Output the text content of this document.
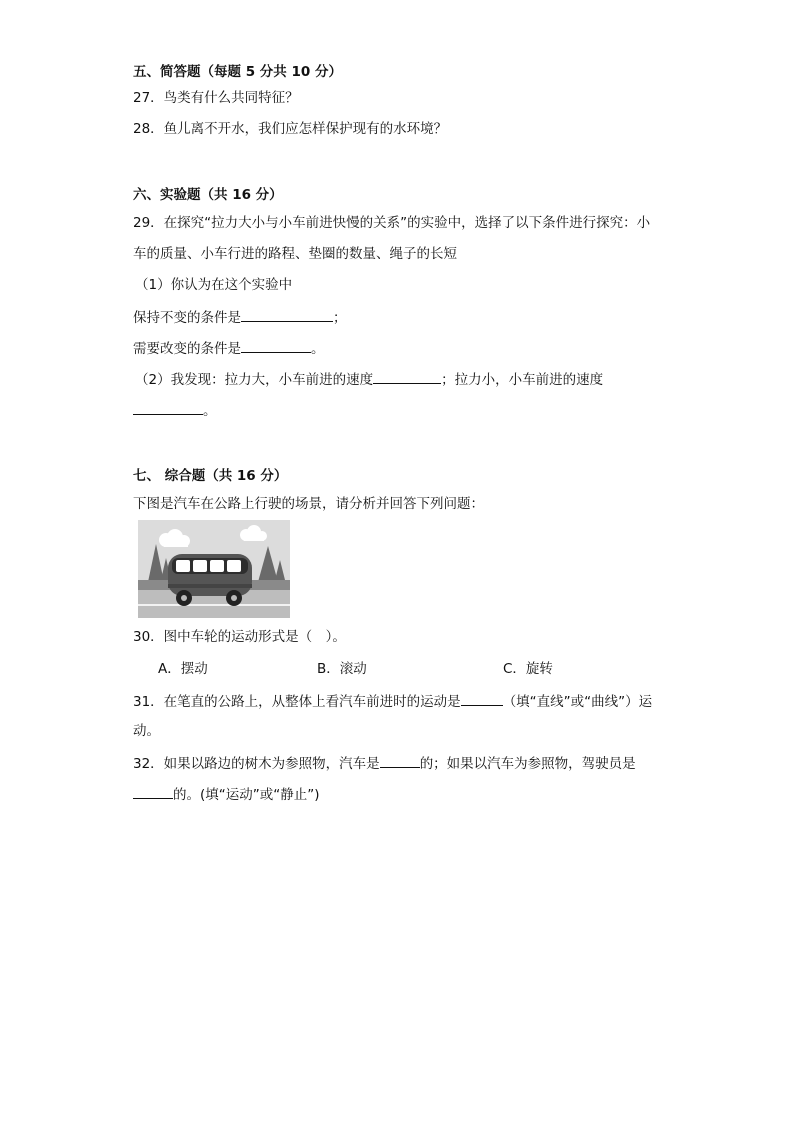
五、简答题（每题 5 分共 10 分）
27．鸟类有什么共同特征？
28．鱼儿离不开水，我们应怎样保护现有的水环境？
六、实验题（共 16 分）
29．在探究“拉力大小与小车前进快慢的关系”的实验中，选择了以下条件进行探究：小
车的质量、小车行进的路程、垫圈的数量、绳子的长短
（1）你认为在这个实验中
保持不变的条件是	；
需要改变的条件是	。
（2）我发现：拉力大，小车前进的速度	；拉力小，小车前进的速度
。
七、 综合题（共 16 分）
下图是汽车在公路上行驶的场景，请分析并回答下列问题：
30．图中车轮的运动形式是（　）。
A．摆动	B．滚动	C．旋转
31．在笔直的公路上，从整体上看汽车前进时的运动是	（填“直线”或“曲线”）运
动。
32．如果以路边的树木为参照物，汽车是	的；如果以汽车为参照物，驾驶员是
的。(填“运动”或“静止”)
